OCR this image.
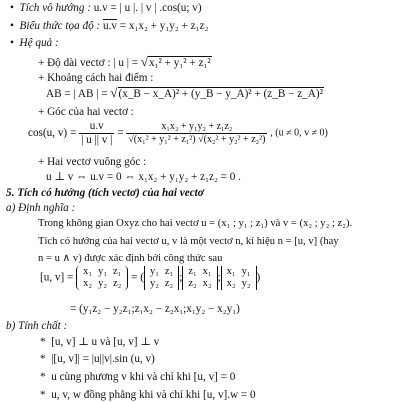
•  Tích vô hướng : u.v = | u |. | v | .cos(u; v)
•  Biểu thức tọa độ : u.v = x₁x₂ + y₁y₂ + z₁z₂
•  Hệ quả :
+ Độ dài vectơ : | u | = √x₁² + y₁² + z₁²
+ Khoảng cách hai điểm :
AB = | AB | = √(x_B − x_A)² + (y_B − y_A)² + (z_B − z_A)²
+ Góc của hai vectơ :
cos(u, $v) = \frac{u.v}{| u || v |} = \frac{\text{x₁x₂ + y₁y₂ + z₁z₂}}{\text{√(x₁² + y₁² + z₁²) √(x₂² + y₂² + z₂²)}}$ , (u ≠ 0, v ≠ 0)
+ Hai vectơ vuông góc :
u ⊥ v ⇔ u.v = 0 ⇔ x₁x₂ + y₁y₂ + z₁z₂ = 0 .
5. Tích có hướng (tích vectơ) của hai vectơ
a) Định nghĩa :
Trong không gian Oxyz cho hai vectơ u = (x₁ ; y₁ ; z₁) và v = (x₂ ; y₂ ; z₂).
Tích có hướng của hai vectơ u, v là một vectơ n, kí hiệu n = [u, v] (hay
n = u ∧ v) được xác định bởi công thức sau
[u, v] =
x₁	y₁	z₁
x₂	y₂	z₂ = (
y₁	z₁
y₂	z₂ ;
z₁	x₁
z₂	x₂ ;
x₁	y₁
x₂	y₂ )
= (y₁z₂ − y₂z₁;z₁x₂ − z₂x₁;x₁y₂ − x₂y₁)
b) Tính chất :
*  [u, v] ⊥ u và [u, v] ⊥ v
*  |[u, v]| = |u||v|.sin (u, v)
*  u cùng phương v khi và chỉ khi [u, v] = 0
*  u, v, w đồng phẳng khi và chỉ khi [u, v].w = 0
